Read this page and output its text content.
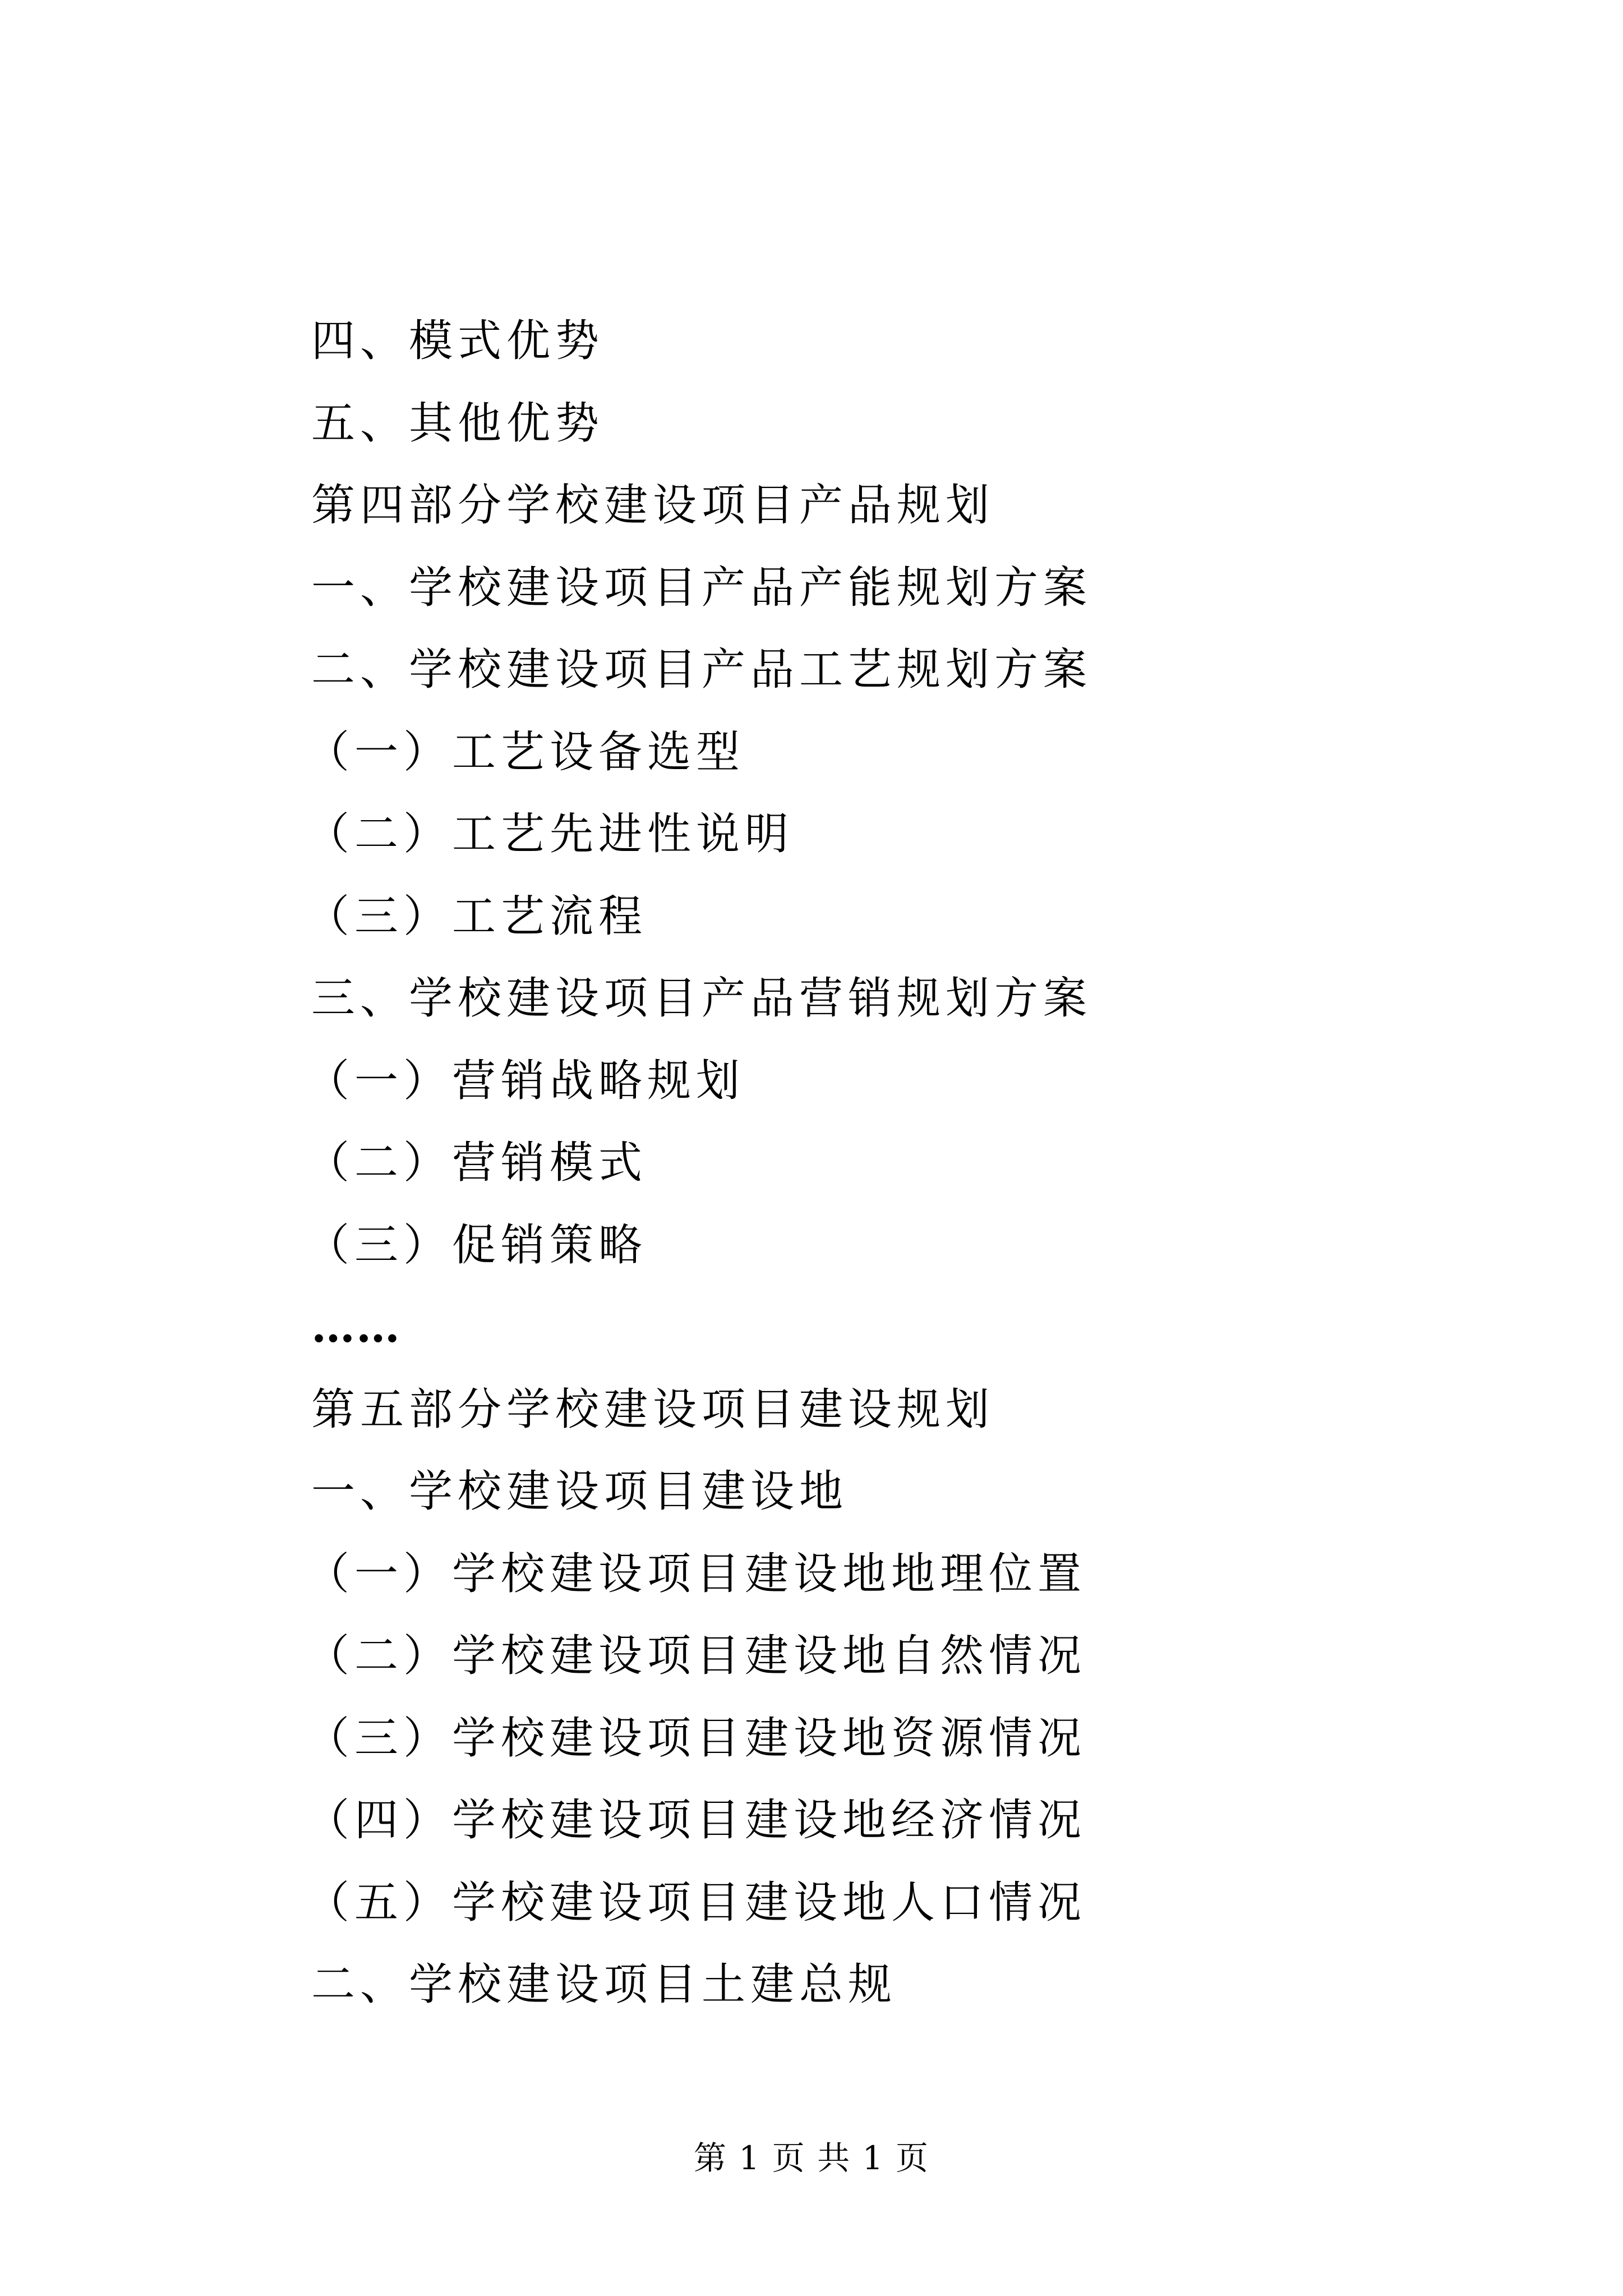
四、模式优势
五、其他优势
第四部分学校建设项目产品规划
一、学校建设项目产品产能规划方案
二、学校建设项目产品工艺规划方案
（一）工艺设备选型
（二）工艺先进性说明
（三）工艺流程
三、学校建设项目产品营销规划方案
（一）营销战略规划
（二）营销模式
（三）促销策略
……
第五部分学校建设项目建设规划
一、学校建设项目建设地
（一）学校建设项目建设地地理位置
（二）学校建设项目建设地自然情况
（三）学校建设项目建设地资源情况
（四）学校建设项目建设地经济情况
（五）学校建设项目建设地人口情况
二、学校建设项目土建总规
第 1 页 共 1 页
